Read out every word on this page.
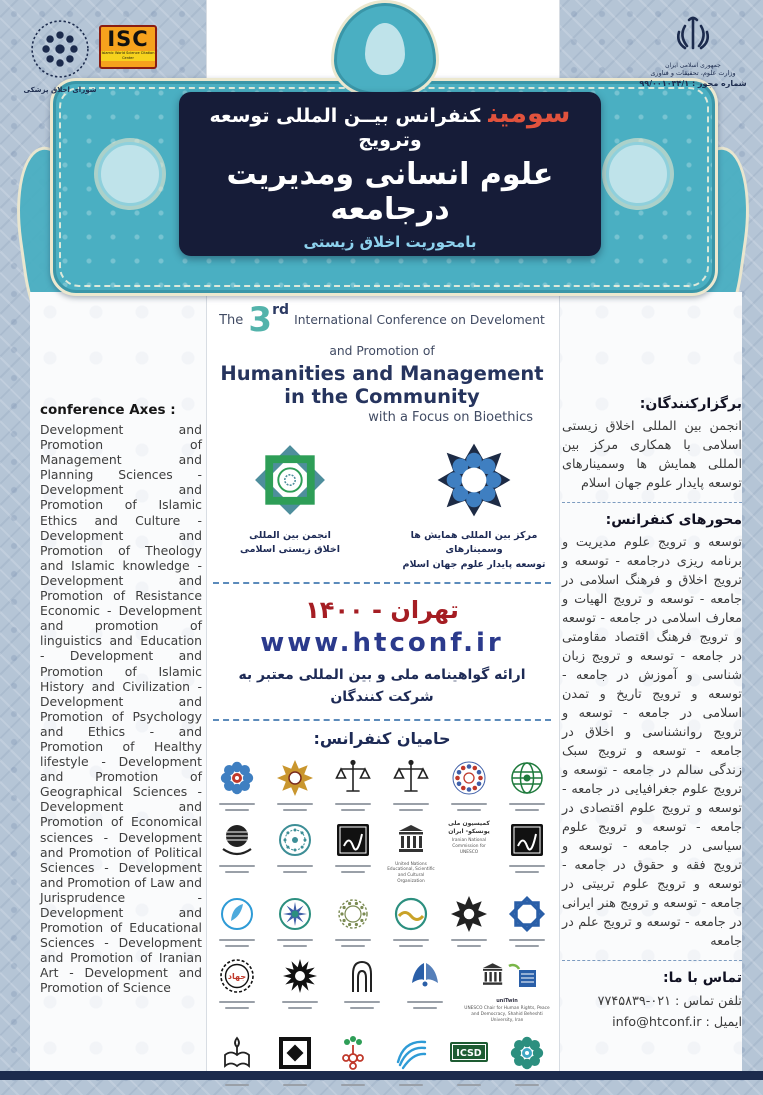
سومینکنفرانس بیــن المللی توسعه وترویج
علوم انسانی ومدیریت درجامعه
بامحوریت اخلاق زیستی
شورای اخلاق پزشکی
ISC
Islamic World Science Citation Center
جمهوری اسلامی ایران
وزارت علوم، تحقیقات و فناوری
شماره مجوز : ۹۹/۰۰۱۰۳۴/۱
The 3rd International Conference on Develoment and Promotion of
Humanities and Management in the Community
with a Focus on Bioethics
انجمن بین المللی
اخلاق زیستی اسلامی
مرکز بین المللی همایش ها وسمینارهای
توسعه پایدار علوم جهان اسلام
تهران - ۱۴۰۰
www.htconf.ir
ارائه گواهینامه ملی و بین المللی معتبر به
شرکت کنندگان
حامیان کنفرانس:
United Nations Educational, Scientific and Cultural Organization
کمیسیون ملی یونسکو- ایران
Iranian National Commission for UNESCO
جهاد
uniTwin
UNESCO Chair for Human Rights, Peace and Democracy, Shahid Beheshti University, Iran
ICSD
conference Axes :

Development and Promotion of Management and Planning Sciences - Development and Promotion of Islamic Ethics and Culture - Development and Promotion of Theology and Islamic knowledge - Development and Promotion of Resistance Economic - Development and promotion of linguistics and Education - Development and Promotion of Islamic History and Civilization - Development and Promotion of Psychology and Ethics - and Promotion of Healthy lifestyle - Development and Promotion of Geographical Sciences - Development and Promotion of Economical sciences - Development and Promotion of Political Sciences - Development and Promotion of Law and Jurisprudence - Development and Promotion of Educational Sciences - Development and Promotion of Iranian Art - Development and Promotion of Science

برگزارکنندگان:

انجمن بین المللی اخلاق زیستی اسلامی با همکاری مرکز بین المللی همایش ها وسمینارهای توسعه پایدار علوم جهان اسلام

محورهای کنفرانس:

توسعه و ترویج علوم مدیریت و برنامه ریزی درجامعه - توسعه و ترویج اخلاق و فرهنگ اسلامی در جامعه - توسعه و ترویج الهیات و معارف اسلامی در جامعه - توسعه و ترویج فرهنگ اقتصاد مقاومتی در جامعه - توسعه و ترویج زبان شناسی و آموزش در جامعه - توسعه و ترویج تاریخ و تمدن اسلامی در جامعه - توسعه و ترویج روانشناسی و اخلاق در جامعه - توسعه و ترویج سبک زندگی سالم در جامعه - توسعه و ترویج علوم جغرافیایی در جامعه - توسعه و ترویج علوم اقتصادی در جامعه - توسعه و ترویج علوم سیاسی در جامعه - توسعه و ترویج فقه و حقوق در جامعه - توسعه و ترویج علوم تربیتی در جامعه - توسعه و ترویج هنر ایرانی در جامعه - توسعه و ترویج علم در جامعه

تماس با ما:

تلفن تماس : ۰۲۱-۷۷۴۵۸۳۹

ایمیل : info@htconf.ir
